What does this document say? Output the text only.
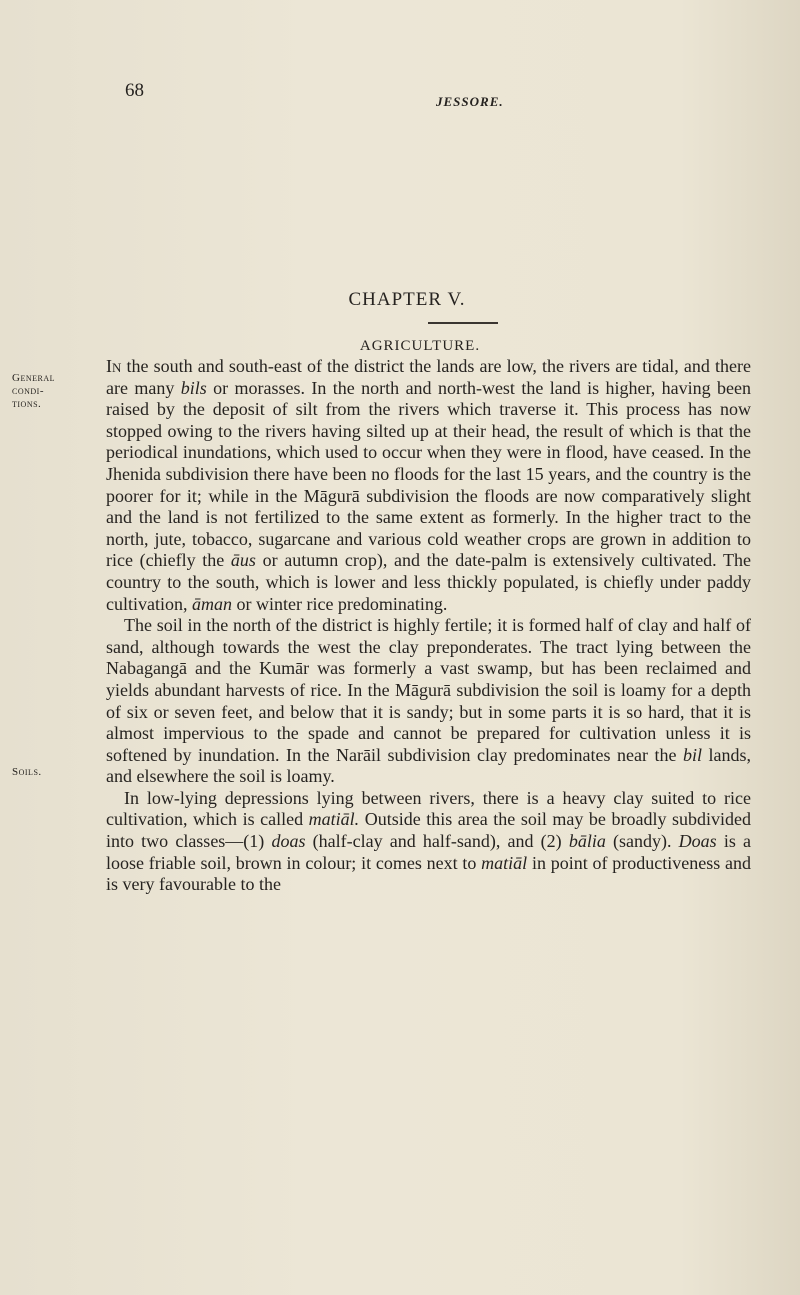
68
JESSORE.
CHAPTER V.
AGRICULTURE.
General
condi-
tions.
Soils.

In the south and south-east of the district the lands are low, the rivers are tidal, and there are many bils or morasses. In the north and north-west the land is higher, having been raised by the deposit of silt from the rivers which traverse it. This process has now stopped owing to the rivers having silted up at their head, the result of which is that the periodical inundations, which used to occur when they were in flood, have ceased. In the Jhenida subdivision there have been no floods for the last 15 years, and the country is the poorer for it; while in the Māgurā subdivision the floods are now comparatively slight and the land is not fertilized to the same extent as formerly. In the higher tract to the north, jute, tobacco, sugarcane and various cold weather crops are grown in addition to rice (chiefly the āus or autumn crop), and the date-palm is extensively cultivated. The country to the south, which is lower and less thickly populated, is chiefly under paddy cultivation, āman or winter rice predominating.

The soil in the north of the district is highly fertile; it is formed half of clay and half of sand, although towards the west the clay preponderates. The tract lying between the Nabagangā and the Kumār was formerly a vast swamp, but has been reclaimed and yields abundant harvests of rice. In the Māgurā subdivision the soil is loamy for a depth of six or seven feet, and below that it is sandy; but in some parts it is so hard, that it is almost impervious to the spade and cannot be prepared for cultivation unless it is softened by inundation. In the Narāil subdivision clay predominates near the bil lands, and elsewhere the soil is loamy.

In low-lying depressions lying between rivers, there is a heavy clay suited to rice cultivation, which is called matiāl. Outside this area the soil may be broadly subdivided into two classes—(1) doas (half-clay and half-sand), and (2) bālia (sandy). Doas is a loose friable soil, brown in colour; it comes next to matiāl in point of productiveness and is very favourable to the
